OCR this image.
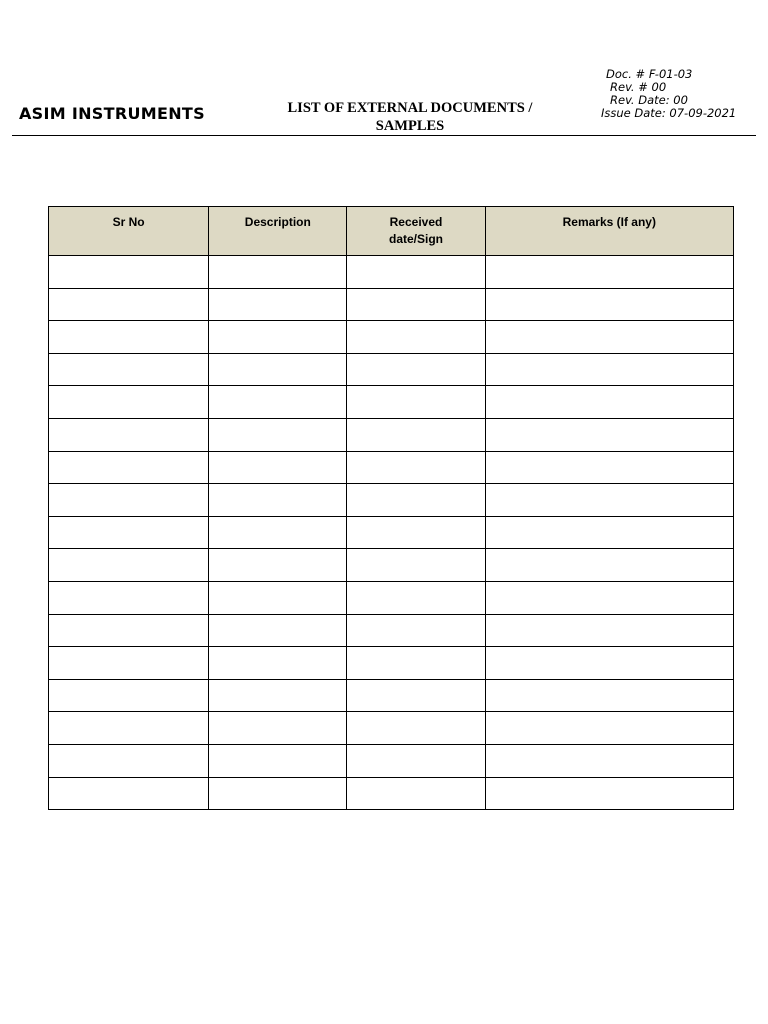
ASIM INSTRUMENTS	LIST OF EXTERNAL DOCUMENTS /
SAMPLES
Doc. # F-01-03
Rev. # 00
Rev. Date: 00
Issue Date: 07-09-2021
Sr No	Description	Received
date/Sign	Remarks (If any)
